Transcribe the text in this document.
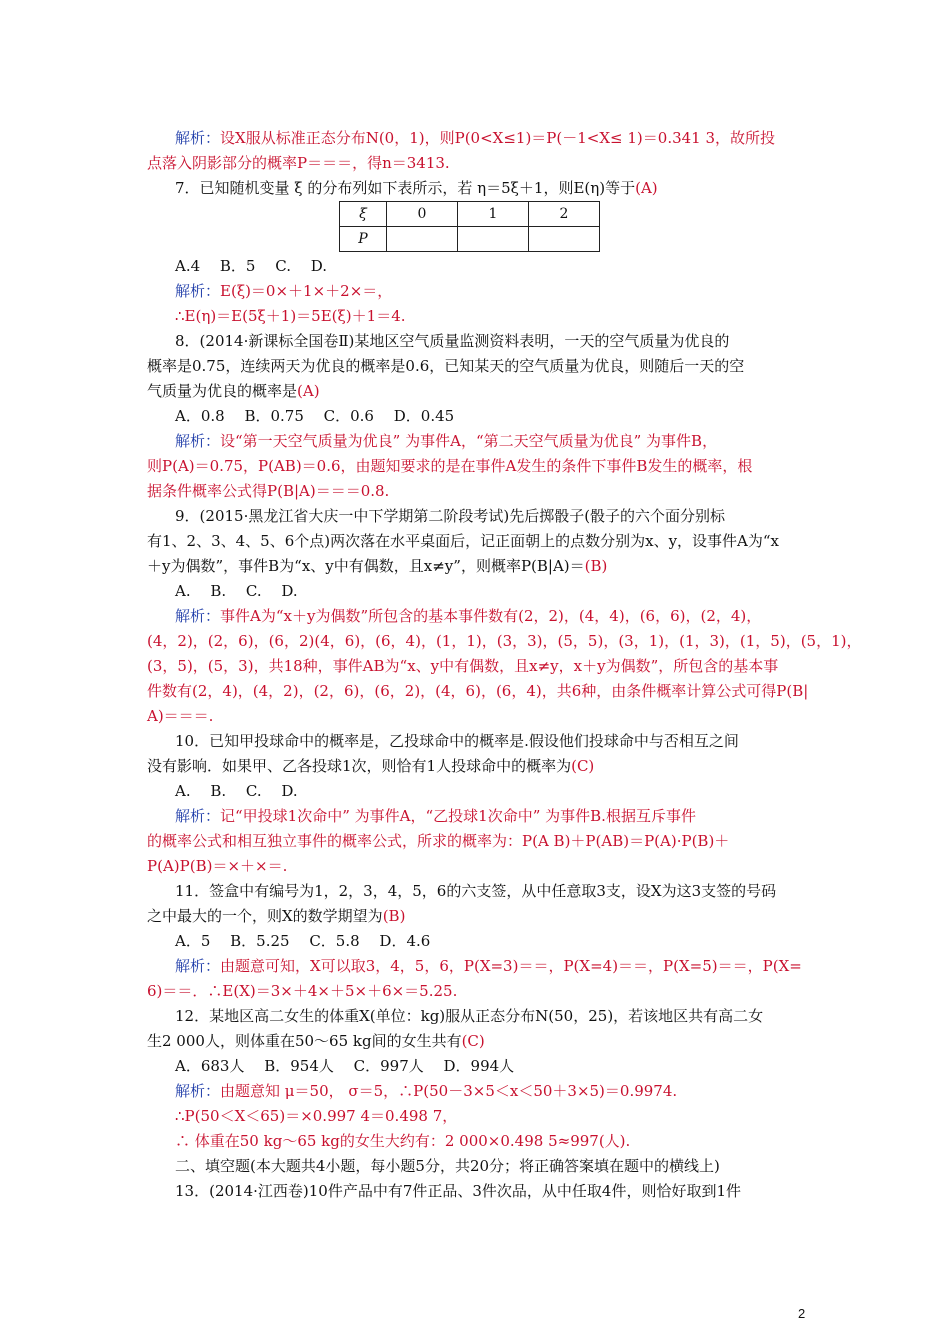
解析：设X服从标准正态分布N(0，1)，则P(0<X≤1)＝P(－1<X≤ 1)＝0.341 3，故所投
点落入阴影部分的概率P＝＝＝，得n＝3413.
7．已知随机变量 ξ 的分布列如下表所示，若 η＝5ξ＋1，则E(η)等于(A)
A.4　 B．5　 C.　 D.
解析：E(ξ)＝0×＋1×＋2×＝，
∴E(η)＝E(5ξ＋1)＝5E(ξ)＋1＝4.
8．(2014·新课标全国卷Ⅱ)某地区空气质量监测资料表明，一天的空气质量为优良的
概率是0.75，连续两天为优良的概率是0.6，已知某天的空气质量为优良，则随后一天的空
气质量为优良的概率是(A)
A．0.8　 B．0.75　 C．0.6　 D．0.45
解析：设“第一天空气质量为优良” 为事件A，“第二天空气质量为优良” 为事件B，
则P(A)＝0.75，P(AB)＝0.6，由题知要求的是在事件A发生的条件下事件B发生的概率，根
据条件概率公式得P(B|A)＝＝＝0.8.
9．(2015·黑龙江省大庆一中下学期第二阶段考试)先后掷骰子(骰子的六个面分别标
有1、2、3、4、5、6个点)两次落在水平桌面后，记正面朝上的点数分别为x、y，设事件A为“x
＋y为偶数”，事件B为“x、y中有偶数，且x≠y”，则概率P(B|A)＝(B)
A.　 B.　 C.　 D.
解析：事件A为“x＋y为偶数”所包含的基本事件数有(2，2)，(4，4)，(6，6)，(2，4)，
(4，2)，(2，6)，(6，2)(4，6)，(6，4)，(1，1)，(3，3)，(5，5)，(3，1)，(1，3)，(1，5)，(5，1)，
(3，5)，(5，3)，共18种，事件AB为“x、y中有偶数，且x≠y，x＋y为偶数”，所包含的基本事
件数有(2，4)，(4，2)，(2，6)，(6，2)，(4，6)，(6，4)，共6种，由条件概率计算公式可得P(B|
A)＝＝＝.
10．已知甲投球命中的概率是，乙投球命中的概率是.假设他们投球命中与否相互之间
没有影响．如果甲、乙各投球1次，则恰有1人投球命中的概率为(C)
A.　 B.　 C.　 D.
解析：记“甲投球1次命中” 为事件A，“乙投球1次命中” 为事件B.根据互斥事件
的概率公式和相互独立事件的概率公式，所求的概率为：P(A B)＋P(AB)＝P(A)·P(B)＋
P(A)P(B)＝×＋×＝.
11．签盒中有编号为1，2，3，4，5，6的六支签，从中任意取3支，设X为这3支签的号码
之中最大的一个，则X的数学期望为(B)
A．5　 B．5.25　 C．5.8　 D．4.6
解析：由题意可知，X可以取3，4，5，6，P(X=3)＝＝，P(X=4)＝＝，P(X=5)＝＝，P(X=
6)＝＝．∴E(X)＝3×＋4×＋5×＋6×＝5.25.
12．某地区高二女生的体重X(单位：kg)服从正态分布N(50，25)，若该地区共有高二女
生2 000人，则体重在50～65 kg间的女生共有(C)
A．683人　 B．954人　 C．997人　 D．994人
解析：由题意知 μ＝50， σ＝5，∴P(50－3×5＜x＜50＋3×5)＝0.9974.
∴P(50＜X＜65)＝×0.997 4＝0.498 7，
∴ 体重在50 kg～65 kg的女生大约有：2 000×0.498 5≈997(人).
二、填空题(本大题共4小题，每小题5分，共20分；将正确答案填在题中的横线上)
13．(2014·江西卷)10件产品中有7件正品、3件次品，从中任取4件，则恰好取到1件
ξ	0	1	2
P			
2
